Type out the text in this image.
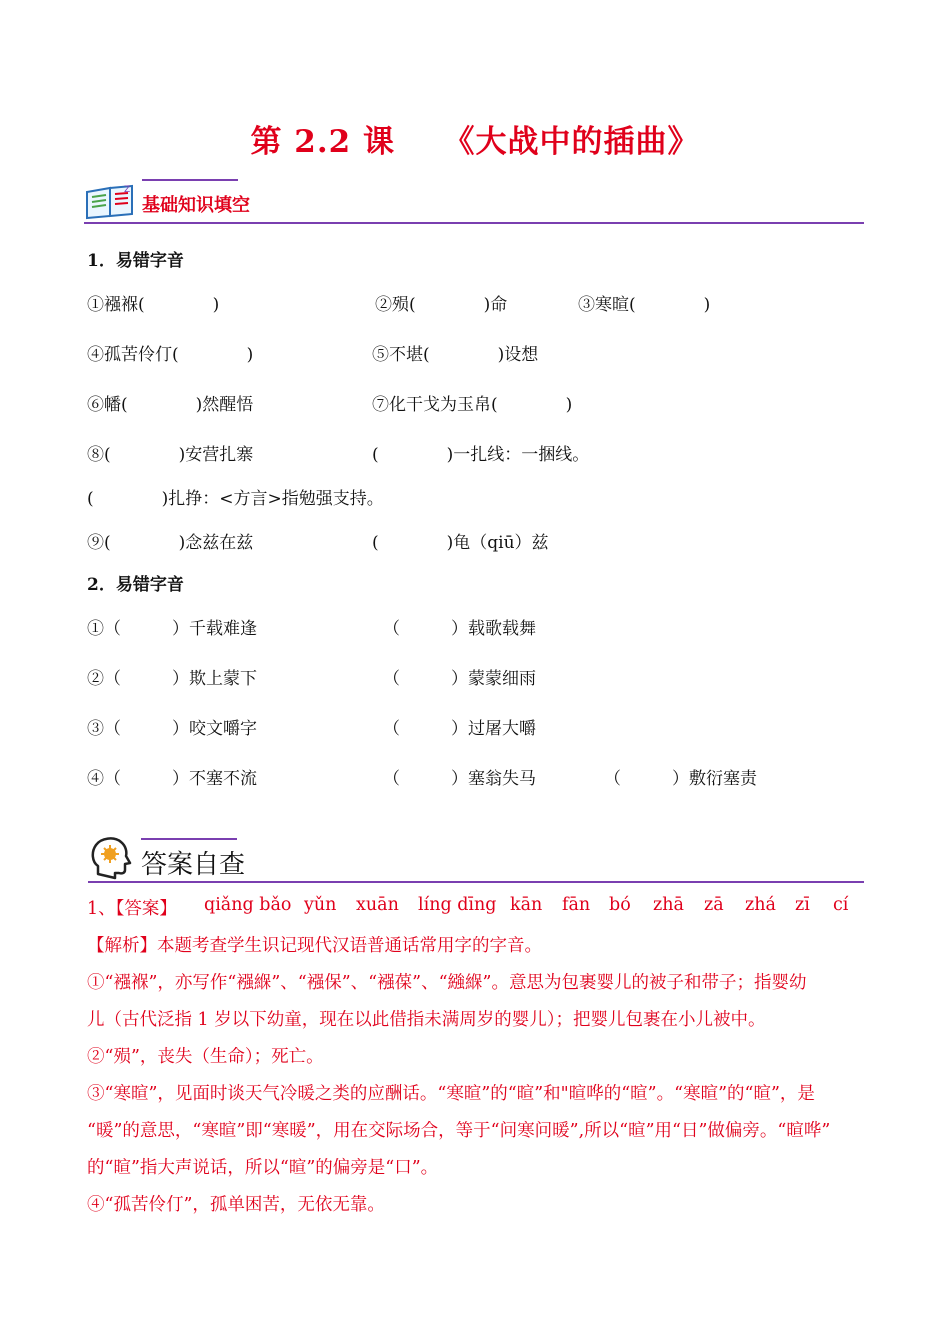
第 2.2 课　　《大战中的插曲》
Z
基础知识填空
1．易错字音
①襁褓(　　　　)	②殒(　　　　)命	③寒暄(　　　　)
④孤苦伶仃(　　　　)	⑤不堪(　　　　)设想
⑥幡(　　　　)然醒悟	⑦化干戈为玉帛(　　　　)
⑧(　　　　)安营扎寨	(　　　　)一扎线：一捆线。
(　　　　)扎挣：<方言>指勉强支持。
⑨(　　　　)念兹在兹	(　　　　)龟（qiū）兹
2．易错字音
①（　　　）千载难逢	（　　　）载歌载舞
②（　　　）欺上蒙下	（　　　）蒙蒙细雨
③（　　　）咬文嚼字	（　　　）过屠大嚼
④（　　　）不塞不流	（　　　）塞翁失马	（　　　）敷衍塞责
答案自查
1、【答案】 qiǎng bǎo yǔn xuān líng dīng kān fān bó zhā zā zhá zī cí
【解析】本题考查学生识记现代汉语普通话常用字的字音。
①“襁褓”，亦写作“襁緥”、“襁保”、“襁葆”、“繈緥”。意思为包裹婴儿的被子和带子；指婴幼
儿（古代泛指 1 岁以下幼童，现在以此借指未满周岁的婴儿）；把婴儿包裹在小儿被中。
②“殒”，丧失（生命）；死亡。
③“寒暄”，见面时谈天气冷暖之类的应酬话。“寒暄”的“暄”和"暄哗的“暄”。“寒暄”的“暄”，是
“暖”的意思，“寒暄”即“寒暖”，用在交际场合，等于“问寒问暖”,所以“暄”用“日”做偏旁。“暄哗”
的“暄”指大声说话，所以“暄”的偏旁是“口”。
④“孤苦伶仃”，孤单困苦，无依无靠。
